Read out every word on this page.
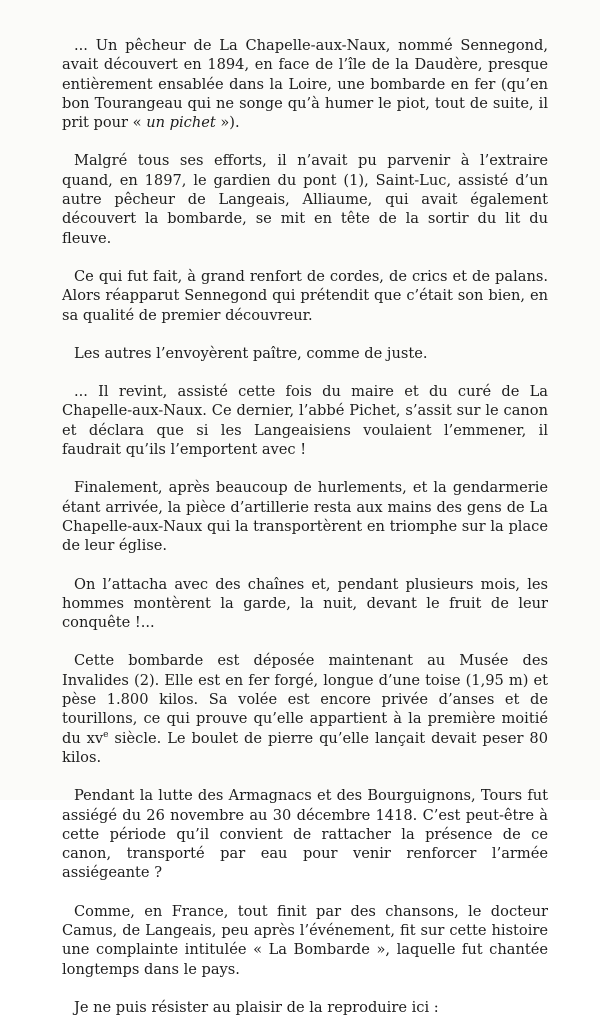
... Un pêcheur de La Chapelle-aux-Naux, nommé Sennegond, avait découvert en 1894, en face de l’île de la Daudère, presque entièrement ensablée dans la Loire, une bombarde en fer (qu’en bon Tourangeau qui ne songe qu’à humer le piot, tout de suite, il prit pour « un pichet »).

Malgré tous ses efforts, il n’avait pu parvenir à l’extraire quand, en 1897, le gardien du pont (1), Saint-Luc, assisté d’un autre pêcheur de Langeais, Alliaume, qui avait également découvert la bombarde, se mit en tête de la sortir du lit du fleuve.

Ce qui fut fait, à grand renfort de cordes, de crics et de palans. Alors réapparut Sennegond qui prétendit que c’était son bien, en sa qualité de premier découvreur.

Les autres l’envoyèrent paître, comme de juste.

... Il revint, assisté cette fois du maire et du curé de La Chapelle-aux-Naux. Ce dernier, l’abbé Pichet, s’assit sur le canon et déclara que si les Langeaisiens voulaient l’emmener, il faudrait qu’ils l’emportent avec !

Finalement, après beaucoup de hurlements, et la gendarmerie étant arrivée, la pièce d’artillerie resta aux mains des gens de La Chapelle-aux-Naux qui la transportèrent en triomphe sur la place de leur église.

On l’attacha avec des chaînes et, pendant plusieurs mois, les hommes montèrent la garde, la nuit, devant le fruit de leur conquête !...

Cette bombarde est déposée maintenant au Musée des Invalides (2). Elle est en fer forgé, longue d’une toise (1,95 m) et pèse 1.800 kilos. Sa volée est encore privée d’anses et de tourillons, ce qui prouve qu’elle appartient à la première moitié du $xv^e$ siècle. Le boulet de pierre qu’elle lançait devait peser 80 kilos.

Pendant la lutte des Armagnacs et des Bourguignons, Tours fut assiégé du 26 novembre au 30 décembre 1418. C’est peut-être à cette période qu’il convient de rattacher la présence de ce canon, transporté par eau pour venir renforcer l’armée assiégeante ?

Comme, en France, tout finit par des chansons, le docteur Camus, de Langeais, peu après l’événement, fit sur cette histoire une complainte intitulée « La Bombarde », laquelle fut chantée longtemps dans le pays.

Je ne puis résister au plaisir de la reproduire ici :
